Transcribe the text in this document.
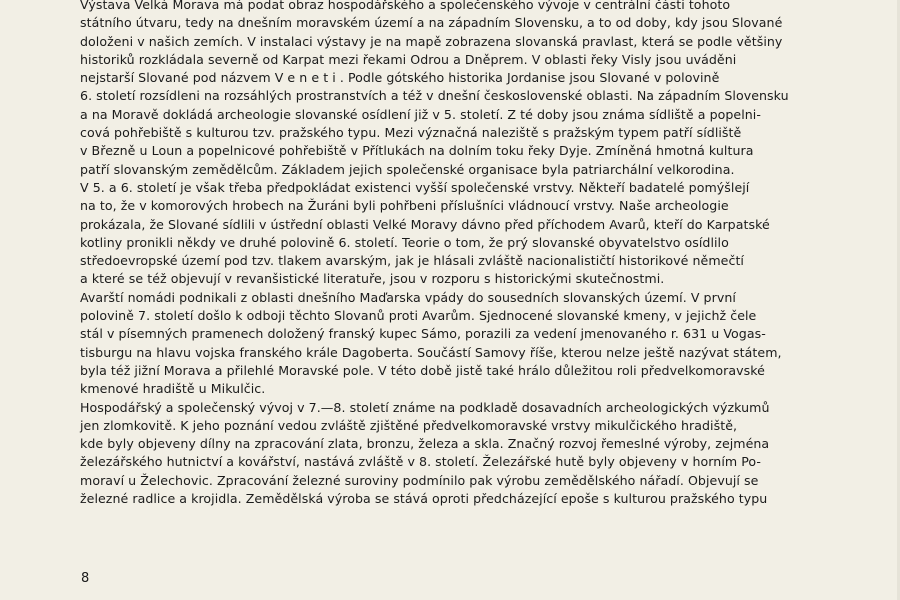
Výstava Velká Morava má podat obraz hospodářského a společenského vývoje v centrální části tohoto
státního útvaru, tedy na dnešním moravském území a na západním Slovensku, a to od doby, kdy jsou Slované
doloženi v našich zemích. V instalaci výstavy je na mapě zobrazena slovanská pravlast, která se podle většiny
historiků rozkládala severně od Karpat mezi řekami Odrou a Dněprem. V oblasti řeky Visly jsou uváděni
nejstarší Slované pod názvem V e n e t i . Podle gótského historika Jordanise jsou Slované v polovině
6. století rozsídleni na rozsáhlých prostranstvích a též v dnešní československé oblasti. Na západním Slovensku
a na Moravě dokládá archeologie slovanské osídlení již v 5. století. Z té doby jsou známa sídliště a popelni-
cová pohřebiště s kulturou tzv. pražského typu. Mezi význačná naleziště s pražským typem patří sídliště
v Březně u Loun a popelnicové pohřebiště v Přítlukách na dolním toku řeky Dyje. Zmíněná hmotná kultura
patří slovanským zemědělcům. Základem jejich společenské organisace byla patriarchální velkorodina.
V 5. a 6. století je však třeba předpokládat existenci vyšší společenské vrstvy. Někteří badatelé pomýšlejí
na to, že v komorových hrobech na Žuráni byli pohřbeni příslušníci vládnoucí vrstvy. Naše archeologie
prokázala, že Slované sídlili v ústřední oblasti Velké Moravy dávno před příchodem Avarů, kteří do Karpatské
kotliny pronikli někdy ve druhé polovině 6. století. Teorie o tom, že prý slovanské obyvatelstvo osídlilo
středoevropské území pod tzv. tlakem avarským, jak je hlásali zvláště nacionalističtí historikové němečtí
a které se též objevují v revanšistické literatuře, jsou v rozporu s historickými skutečnostmi.
Avarští nomádi podnikali z oblasti dnešního Maďarska vpády do sousedních slovanských území. V první
polovině 7. století došlo k odboji těchto Slovanů proti Avarům. Sjednocené slovanské kmeny, v jejichž čele
stál v písemných pramenech doložený franský kupec Sámo, porazili za vedení jmenovaného r. 631 u Vogas-
tisburgu na hlavu vojska franského krále Dagoberta. Součástí Samovy říše, kterou nelze ještě nazývat státem,
byla též jižní Morava a přilehlé Moravské pole. V této době jistě také hrálo důležitou roli předvelkomoravské
kmenové hradiště u Mikulčic.
Hospodářský a společenský vývoj v 7.—8. století známe na podkladě dosavadních archeologických výzkumů
jen zlomkovitě. K jeho poznání vedou zvláště zjištěné předvelkomoravské vrstvy mikulčického hradiště,
kde byly objeveny dílny na zpracování zlata, bronzu, železa a skla. Značný rozvoj řemeslné výroby, zejména
železářského hutnictví a kovářství, nastává zvláště v 8. století. Železářské hutě byly objeveny v horním Po-
moraví u Želechovic. Zpracování železné suroviny podmínilo pak výrobu zemědělského nářadí. Objevují se
železné radlice a krojidla. Zemědělská výroba se stává oproti předcházející epoše s kulturou pražského typu
8
